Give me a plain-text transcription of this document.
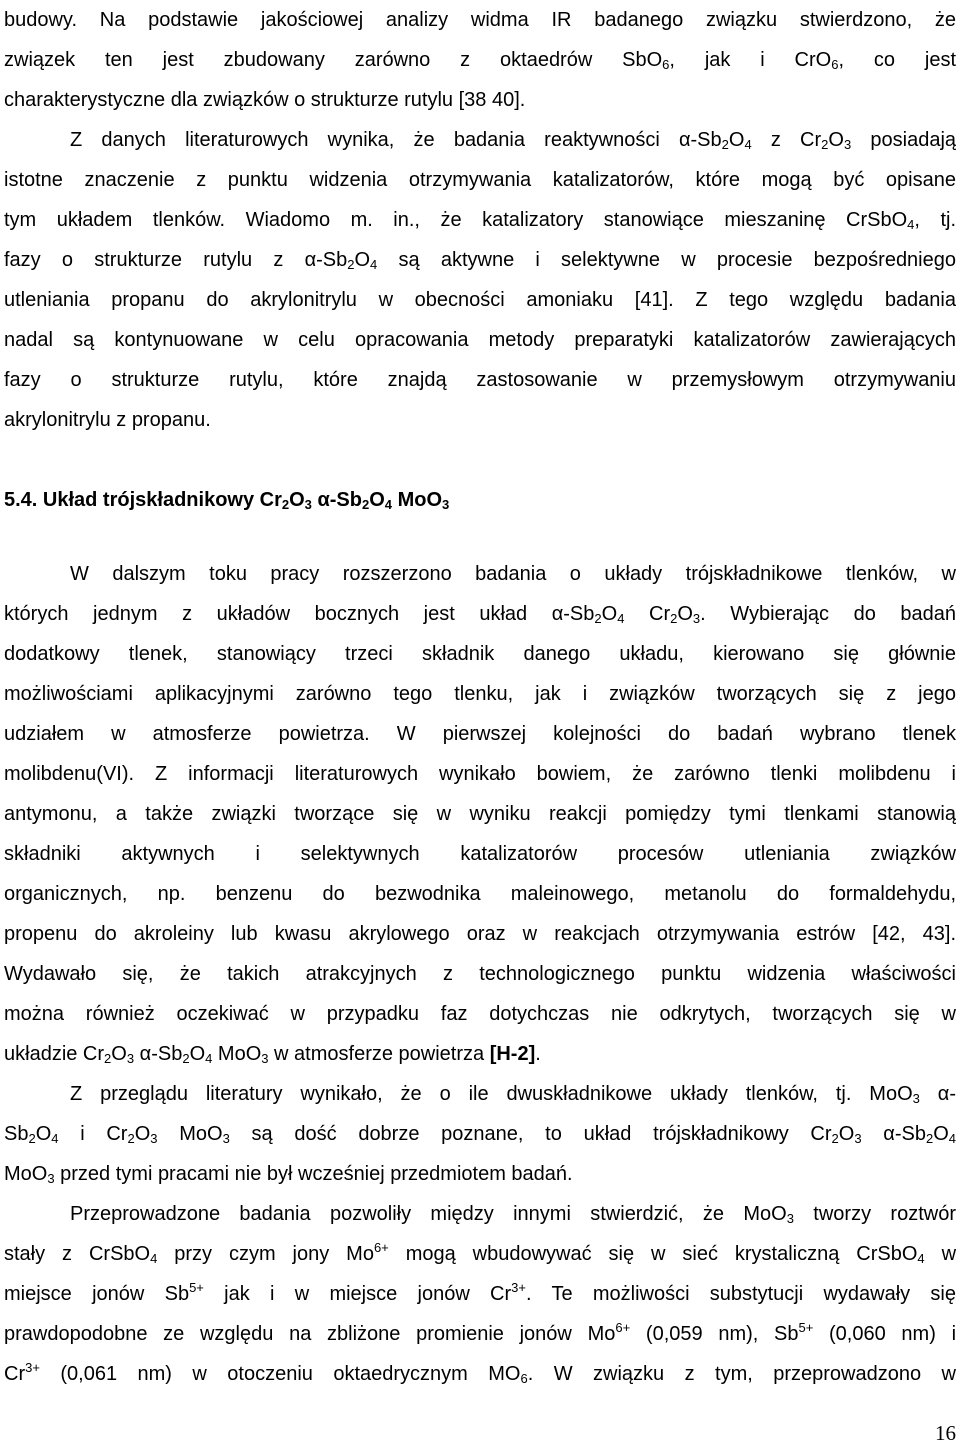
budowy. Na podstawie jakościowej analizy widma IR badanego związku stwierdzono, że
związek ten jest zbudowany zarówno z oktaedrów SbO$_6$, jak i CrO$_6$, co jest
charakterystyczne dla związków o strukturze rutylu [38 40].
Z danych literaturowych wynika, że badania reaktywności $\alpha-Sb_2O_4$ z $Cr_2O_3$ posiadają
istotne znaczenie z punktu widzenia otrzymywania katalizatorów, które mogą być opisane
tym układem tlenków. Wiadomo m. in., że katalizatory stanowiące mieszaninę CrSbO$_4$, tj.
fazy o strukturze rutylu z $\alpha-Sb_2O_4$ są aktywne i selektywne w procesie bezpośredniego
utleniania propanu do akrylonitrylu w obecności amoniaku [41]. Z tego względu badania
nadal są kontynuowane w celu opracowania metody preparatyki katalizatorów zawierających
fazy o strukturze rutylu, które znajdą zastosowanie w przemysłowym otrzymywaniu
akrylonitrylu z propanu.
5.4. Układ trójskładnikowy $Cr_2O_3$ $\alpha-Sb_2O_4$ MoO$_3$
W dalszym toku pracy rozszerzono badania o układy trójskładnikowe tlenków, w
których jednym z układów bocznych jest układ $\alpha-Sb_2O_4$ $Cr_2O_3$. Wybierając do badań
dodatkowy tlenek, stanowiący trzeci składnik danego układu, kierowano się głównie
możliwościami aplikacyjnymi zarówno tego tlenku, jak i związków tworzących się z jego
udziałem w atmosferze powietrza. W pierwszej kolejności do badań wybrano tlenek
molibdenu(VI). Z informacji literaturowych wynikało bowiem, że zarówno tlenki molibdenu i
antymonu, a także związki tworzące się w wyniku reakcji pomiędzy tymi tlenkami stanowią
składniki aktywnych i selektywnych katalizatorów procesów utleniania związków
organicznych, np. benzenu do bezwodnika maleinowego, metanolu do formaldehydu,
propenu do akroleiny lub kwasu akrylowego oraz w reakcjach otrzymywania estrów [42, 43].
Wydawało się, że takich atrakcyjnych z technologicznego punktu widzenia właściwości
można również oczekiwać w przypadku faz dotychczas nie odkrytych, tworzących się w
układzie $Cr_2O_3$ $\alpha-Sb_2O_4$ MoO$_3$ w atmosferze powietrza [H-2].
Z przeglądu literatury wynikało, że o ile dwuskładnikowe układy tlenków, tj. MoO$_3$ α-
$Sb_2O_4$ i $Cr_2O_3$ MoO$_3$ są dość dobrze poznane, to układ trójskładnikowy $Cr_2O_3$ $\alpha-Sb_2O_4$
MoO$_3$ przed tymi pracami nie był wcześniej przedmiotem badań.
Przeprowadzone badania pozwoliły między innymi stwierdzić, że MoO$_3$ tworzy roztwór
stały z CrSbO$_4$ przy czym jony $Mo^{6+}$ mogą wbudowywać się w sieć krystaliczną CrSbO$_4$ w
miejsce jonów $Sb^{5+}$ jak i w miejsce jonów $Cr^{3+}$. Te możliwości substytucji wydawały się
prawdopodobne ze względu na zbliżone promienie jonów $Mo^{6+}$ (0,059 nm), $Sb^{5+}$ (0,060 nm) i
$Cr^{3+}$ (0,061 nm) w otoczeniu oktaedrycznym $MO_6$. W związku z tym, przeprowadzono w
16
